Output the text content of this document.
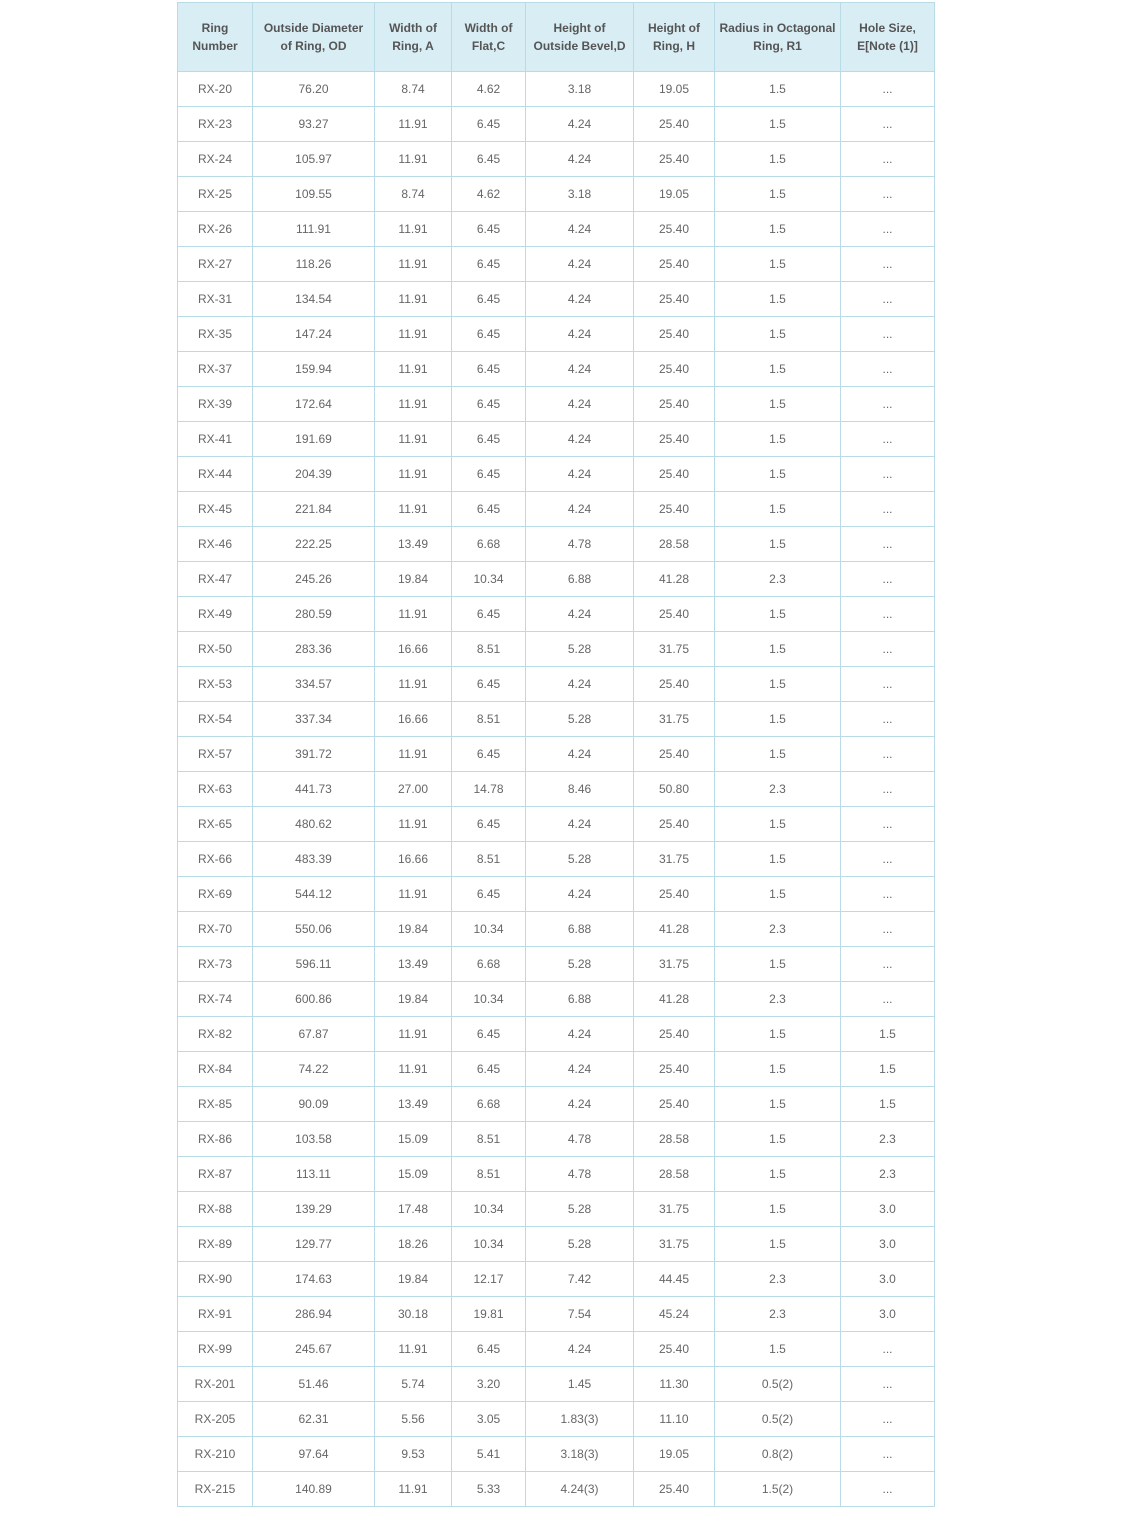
Ring Number	Outside Diameter of Ring, OD	Width of Ring, A	Width of Flat,C	Height of Outside Bevel,D	Height of Ring, H	Radius in Octagonal Ring, R1	Hole Size, E[Note (1)]
RX-20	76.20	8.74	4.62	3.18	19.05	1.5	...
RX-23	93.27	11.91	6.45	4.24	25.40	1.5	...
RX-24	105.97	11.91	6.45	4.24	25.40	1.5	...
RX-25	109.55	8.74	4.62	3.18	19.05	1.5	...
RX-26	111.91	11.91	6.45	4.24	25.40	1.5	...
RX-27	118.26	11.91	6.45	4.24	25.40	1.5	...
RX-31	134.54	11.91	6.45	4.24	25.40	1.5	...
RX-35	147.24	11.91	6.45	4.24	25.40	1.5	...
RX-37	159.94	11.91	6.45	4.24	25.40	1.5	...
RX-39	172.64	11.91	6.45	4.24	25.40	1.5	...
RX-41	191.69	11.91	6.45	4.24	25.40	1.5	...
RX-44	204.39	11.91	6.45	4.24	25.40	1.5	...
RX-45	221.84	11.91	6.45	4.24	25.40	1.5	...
RX-46	222.25	13.49	6.68	4.78	28.58	1.5	...
RX-47	245.26	19.84	10.34	6.88	41.28	2.3	...
RX-49	280.59	11.91	6.45	4.24	25.40	1.5	...
RX-50	283.36	16.66	8.51	5.28	31.75	1.5	...
RX-53	334.57	11.91	6.45	4.24	25.40	1.5	...
RX-54	337.34	16.66	8.51	5.28	31.75	1.5	...
RX-57	391.72	11.91	6.45	4.24	25.40	1.5	...
RX-63	441.73	27.00	14.78	8.46	50.80	2.3	...
RX-65	480.62	11.91	6.45	4.24	25.40	1.5	...
RX-66	483.39	16.66	8.51	5.28	31.75	1.5	...
RX-69	544.12	11.91	6.45	4.24	25.40	1.5	...
RX-70	550.06	19.84	10.34	6.88	41.28	2.3	...
RX-73	596.11	13.49	6.68	5.28	31.75	1.5	...
RX-74	600.86	19.84	10.34	6.88	41.28	2.3	...
RX-82	67.87	11.91	6.45	4.24	25.40	1.5	1.5
RX-84	74.22	11.91	6.45	4.24	25.40	1.5	1.5
RX-85	90.09	13.49	6.68	4.24	25.40	1.5	1.5
RX-86	103.58	15.09	8.51	4.78	28.58	1.5	2.3
RX-87	113.11	15.09	8.51	4.78	28.58	1.5	2.3
RX-88	139.29	17.48	10.34	5.28	31.75	1.5	3.0
RX-89	129.77	18.26	10.34	5.28	31.75	1.5	3.0
RX-90	174.63	19.84	12.17	7.42	44.45	2.3	3.0
RX-91	286.94	30.18	19.81	7.54	45.24	2.3	3.0
RX-99	245.67	11.91	6.45	4.24	25.40	1.5	...
RX-201	51.46	5.74	3.20	1.45	11.30	0.5(2)	...
RX-205	62.31	5.56	3.05	1.83(3)	11.10	0.5(2)	...
RX-210	97.64	9.53	5.41	3.18(3)	19.05	0.8(2)	...
RX-215	140.89	11.91	5.33	4.24(3)	25.40	1.5(2)	...
